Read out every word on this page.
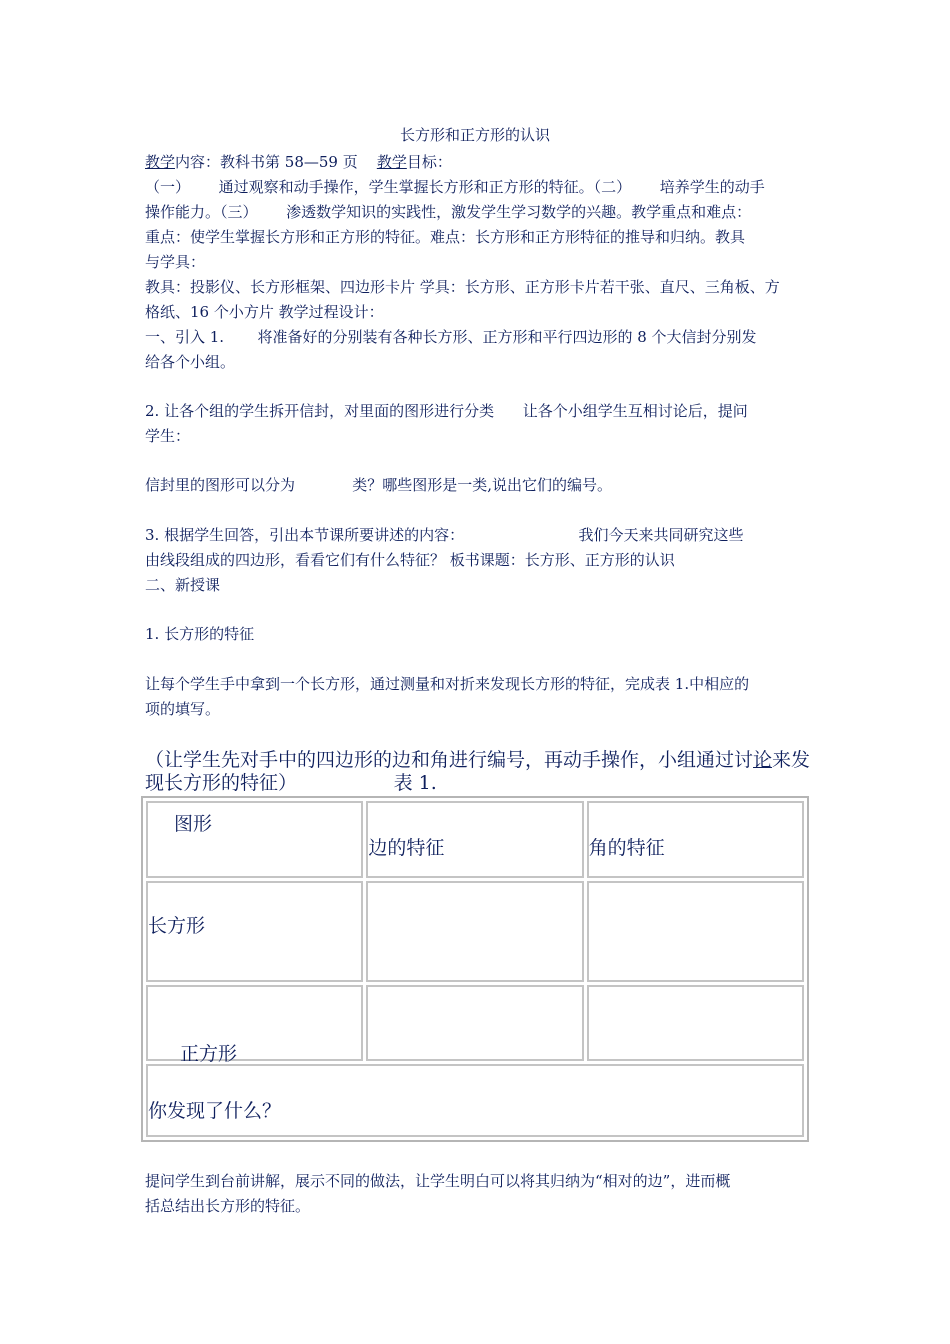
长方形和正方形的认识
教学内容：教科书第 58—59 页 教学目标：
（一）      通过观察和动手操作，学生掌握长方形和正方形的特征。（二）      培养学生的动手
操作能力。（三）      渗透数学知识的实践性，激发学生学习数学的兴趣。教学重点和难点：
重点：使学生掌握长方形和正方形的特征。难点：长方形和正方形特征的推导和归纳。教具
与学具：
教具：投影仪、长方形框架、四边形卡片 学具：长方形、正方形卡片若干张、直尺、三角板、方
格纸、16 个小方片 教学过程设计：
一、引入 1.       将准备好的分别装有各种长方形、正方形和平行四边形的 8 个大信封分别发
给各个小组。
2. 让各个组的学生拆开信封，对里面的图形进行分类      让各个小组学生互相讨论后，提问
学生：
信封里的图形可以分为            类？哪些图形是一类,说出它们的编号。
3. 根据学生回答，引出本节课所要讲述的内容：                        我们今天来共同研究这些
由线段组成的四边形，看看它们有什么特征？ 板书课题：长方形、正方形的认识
二、新授课
1. 长方形的特征
让每个学生手中拿到一个长方形，通过测量和对折来发现长方形的特征，完成表 1.中相应的
项的填写。
（让学生先对手中的四边形的边和角进行编号，再动手操作，小组通过讨论来发
现长方形的特征）                表 1.
图形	边的特征	角的特征

长方形		

正方形		

你发现了什么？		
提问学生到台前讲解，展示不同的做法，让学生明白可以将其归纳为“相对的边”，进而概
括总结出长方形的特征。
